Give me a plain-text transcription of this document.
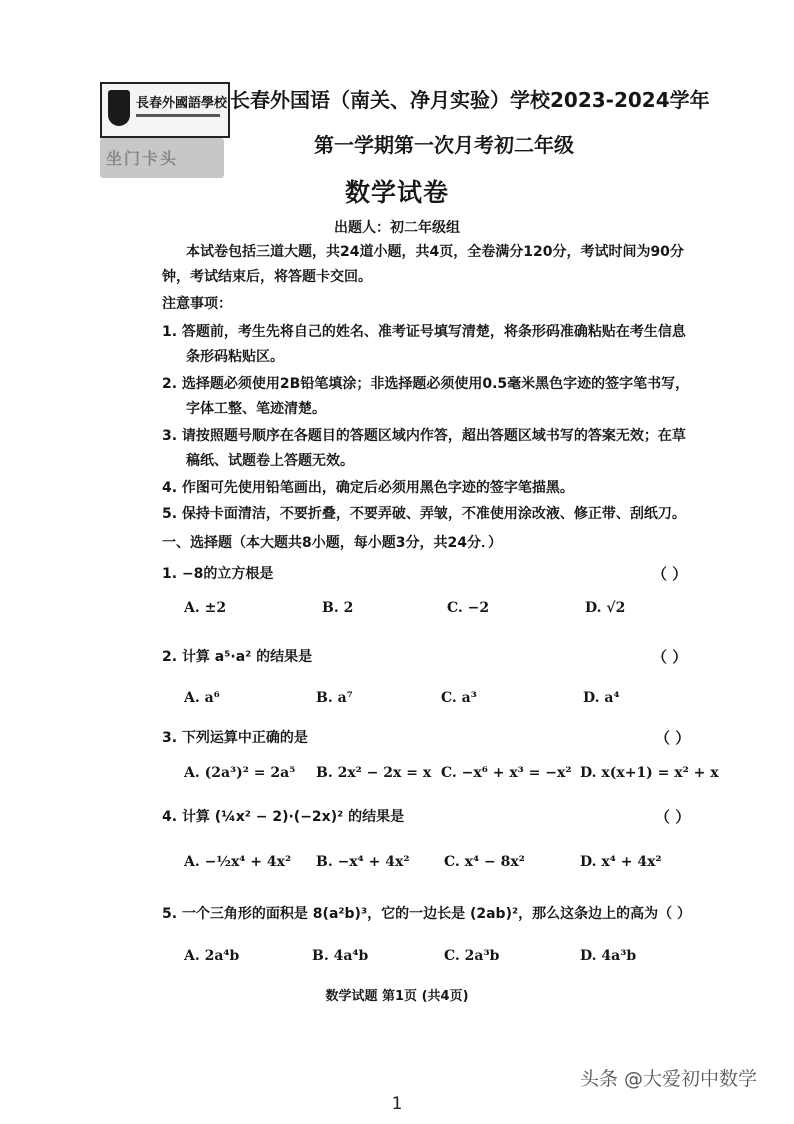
長春外國語學校
坐门卡头
长春外国语（南关、净月实验）学校2023-2024学年
第一学期第一次月考初二年级
数学试卷
出题人：初二年级组
本试卷包括三道大题，共24道小题，共4页，全卷满分120分，考试时间为90分
钟，考试结束后，将答题卡交回。
注意事项：
1. 答题前，考生先将自己的姓名、准考证号填写清楚，将条形码准确粘贴在考生信息
条形码粘贴区。
2. 选择题必须使用2B铅笔填涂；非选择题必须使用0.5毫米黑色字迹的签字笔书写，
字体工整、笔迹清楚。
3. 请按照题号顺序在各题目的答题区域内作答，超出答题区域书写的答案无效；在草
稿纸、试题卷上答题无效。
4. 作图可先使用铅笔画出，确定后必须用黑色字迹的签字笔描黑。
5. 保持卡面清洁，不要折叠，不要弄破、弄皱，不准使用涂改液、修正带、刮纸刀。
一、选择题（本大题共8小题，每小题3分，共24分．）
1. −8的立方根是	（ ）
A. ±2	B. 2	C. −2	D. √2
2. 计算 a⁵·a² 的结果是	（ ）
A. a⁶	B. a⁷	C. a³	D. a⁴
3. 下列运算中正确的是	（ ）
A. (2a³)² = 2a⁵ B. 2x² − 2x = x C. −x⁶ + x³ = −x² D. x(x+1) = x² + x
4. 计算 (¼x² − 2)·(−2x)² 的结果是	（ ）
A. −½x⁴ + 4x² B. −x⁴ + 4x² C. x⁴ − 8x²	D. x⁴ + 4x²
5. 一个三角形的面积是 8(a²b)³，它的一边长是 (2ab)²，那么这条边上的高为（ ）
A. 2a⁴b	B. 4a⁴b	C. 2a³b	D. 4a³b
数学试题 第1页 (共4页)
头条 @大爱初中数学
1
